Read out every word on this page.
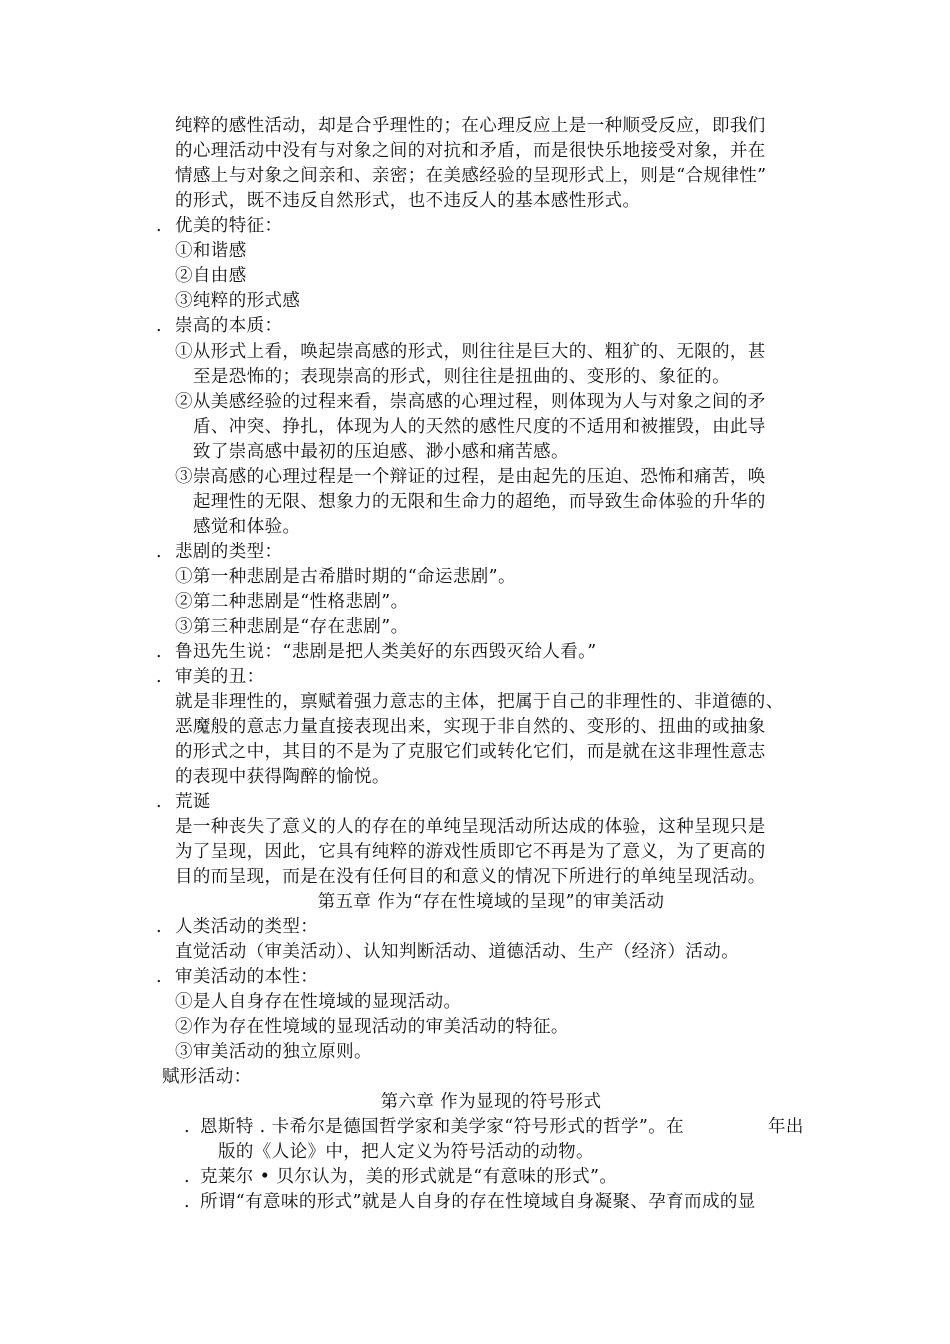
纯粹的感性活动，却是合乎理性的；在心理反应上是一种顺受反应，即我们
的心理活动中没有与对象之间的对抗和矛盾，而是很快乐地接受对象，并在
情感上与对象之间亲和、亲密；在美感经验的呈现形式上，则是“合规律性”
的形式，既不违反自然形式，也不违反人的基本感性形式。
. 优美的特征：
①和谐感
②自由感
③纯粹的形式感
. 崇高的本质：
①从形式上看，唤起崇高感的形式，则往往是巨大的、粗犷的、无限的，甚
至是恐怖的；表现崇高的形式，则往往是扭曲的、变形的、象征的。
②从美感经验的过程来看，崇高感的心理过程，则体现为人与对象之间的矛
盾、冲突、挣扎，体现为人的天然的感性尺度的不适用和被摧毁，由此导
致了崇高感中最初的压迫感、渺小感和痛苦感。
③崇高感的心理过程是一个辩证的过程，是由起先的压迫、恐怖和痛苦，唤
起理性的无限、想象力的无限和生命力的超绝，而导致生命体验的升华的
感觉和体验。
. 悲剧的类型：
①第一种悲剧是古希腊时期的“命运悲剧”。
②第二种悲剧是“性格悲剧”。
③第三种悲剧是“存在悲剧”。
. 鲁迅先生说：“悲剧是把人类美好的东西毁灭给人看。”
. 审美的丑：
就是非理性的，禀赋着强力意志的主体，把属于自己的非理性的、非道德的、
恶魔般的意志力量直接表现出来，实现于非自然的、变形的、扭曲的或抽象
的形式之中，其目的不是为了克服它们或转化它们，而是就在这非理性意志
的表现中获得陶醉的愉悦。
. 荒诞
是一种丧失了意义的人的存在的单纯呈现活动所达成的体验，这种呈现只是
为了呈现，因此，它具有纯粹的游戏性质即它不再是为了意义，为了更高的
目的而呈现，而是在没有任何目的和意义的情况下所进行的单纯呈现活动。
第五章 作为“存在性境域的呈现”的审美活动
. 人类活动的类型：
直觉活动（审美活动）、认知判断活动、道德活动、生产（经济）活动。
. 审美活动的本性：
①是人自身存在性境域的显现活动。
②作为存在性境域的显现活动的审美活动的特征。
③审美活动的独立原则。
赋形活动：
第六章 作为显现的符号形式
. 恩斯特 . 卡希尔是德国哲学家和美学家“符号形式的哲学”。在	年出
版的《人论》中，把人定义为符号活动的动物。
. 克莱尔 • 贝尔认为，美的形式就是“有意味的形式”。
. 所谓“有意味的形式”就是人自身的存在性境域自身凝聚、孕育而成的显
